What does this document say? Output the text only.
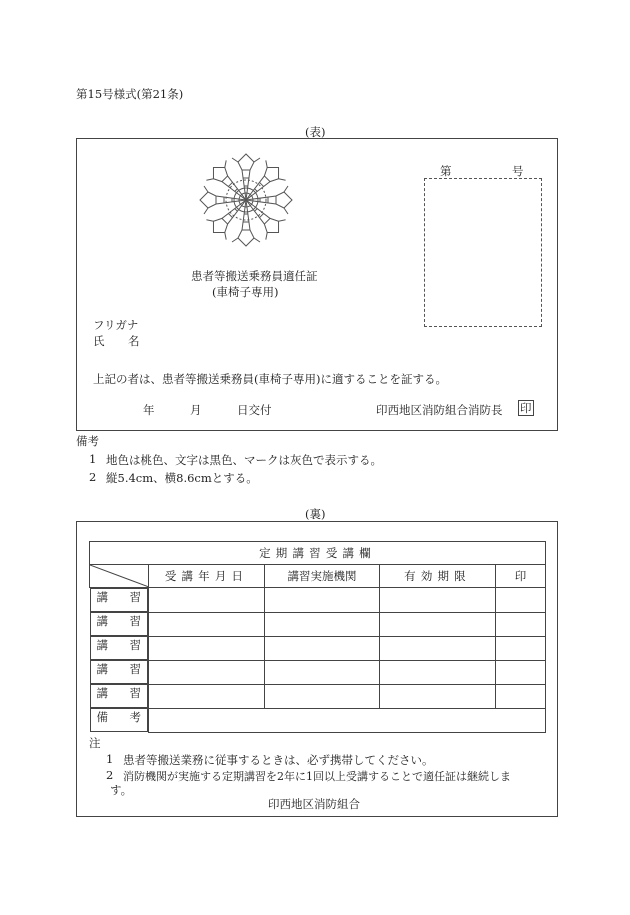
第15号様式(第21条)
(表)
第	号
患者等搬送乗務員適任証
(車椅子専用)
フリガナ
氏 名
上記の者は、患者等搬送乗務員(車椅子専用)に適することを証する。
年	月	日交付	印西地区消防組合消防長 印
備考
1 地色は桃色、文字は黒色、マークは灰色で表示する。
2 縦5.4cm、横8.6cmとする。
(裏)
定期講習受講欄				

	受講年月日	講習実施機関	有効期限	印

講 習

講 習

講 習

講 習

講 習

備 考
注
1 患者等搬送業務に従事するときは、必ず携帯してください。
2 消防機関が実施する定期講習を2年に1回以上受講することで適任証は継続しま
す。
印西地区消防組合
